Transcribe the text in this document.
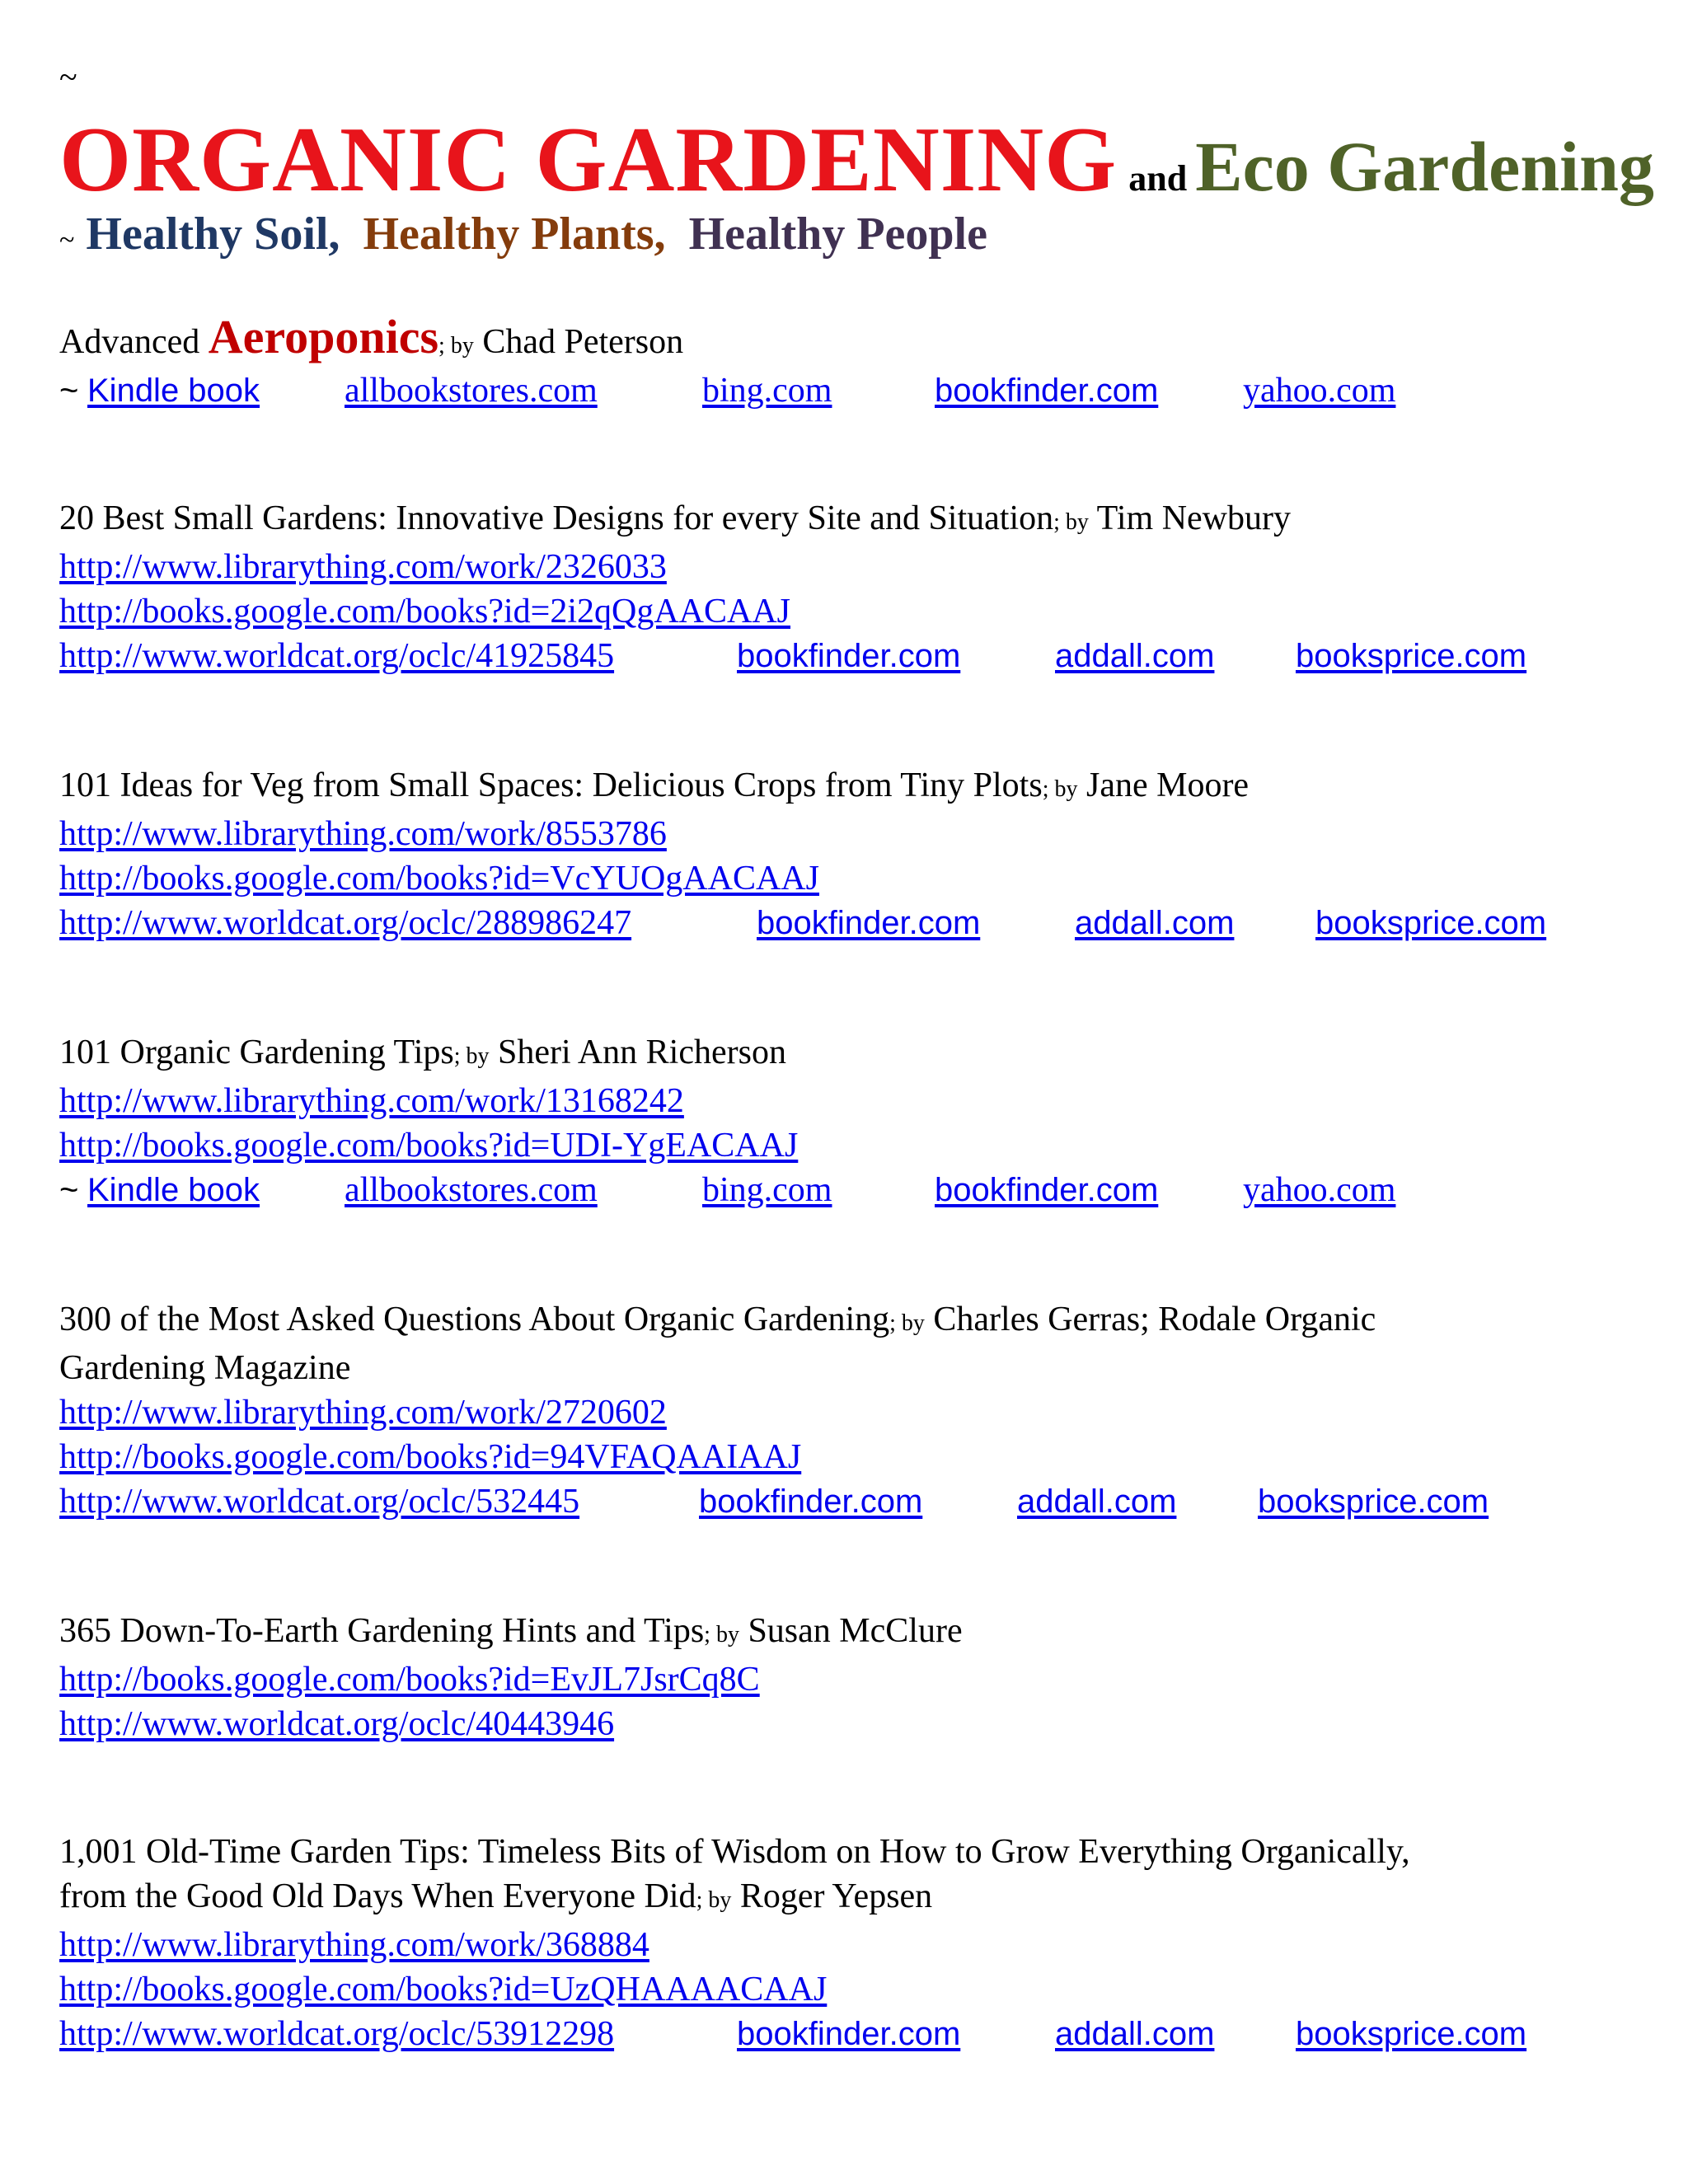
~
ORGANIC GARDENING and Eco Gardening
~ Healthy Soil, Healthy Plants, Healthy People
Advanced Aeroponics; by Chad Peterson
~ Kindle book allbookstores.com	bing.com	bookfinder.com yahoo.com
20 Best Small Gardens: Innovative Designs for every Site and Situation; by Tim Newbury
http://www.librarything.com/work/2326033
http://books.google.com/books?id=2i2qQgAACAAJ
http://www.worldcat.org/oclc/41925845	bookfinder.com	addall.com booksprice.com
101 Ideas for Veg from Small Spaces: Delicious Crops from Tiny Plots; by Jane Moore
http://www.librarything.com/work/8553786
http://books.google.com/books?id=VcYUOgAACAAJ
http://www.worldcat.org/oclc/288986247	bookfinder.com	addall.com booksprice.com
101 Organic Gardening Tips; by Sheri Ann Richerson
http://www.librarything.com/work/13168242
http://books.google.com/books?id=UDI-YgEACAAJ
~ Kindle book allbookstores.com	bing.com	bookfinder.com yahoo.com
300 of the Most Asked Questions About Organic Gardening; by Charles Gerras; Rodale Organic
Gardening Magazine
http://www.librarything.com/work/2720602
http://books.google.com/books?id=94VFAQAAIAAJ
http://www.worldcat.org/oclc/532445	bookfinder.com	addall.com booksprice.com
365 Down-To-Earth Gardening Hints and Tips; by Susan McClure
http://books.google.com/books?id=EvJL7JsrCq8C
http://www.worldcat.org/oclc/40443946
1,001 Old-Time Garden Tips: Timeless Bits of Wisdom on How to Grow Everything Organically,
from the Good Old Days When Everyone Did; by Roger Yepsen
http://www.librarything.com/work/368884
http://books.google.com/books?id=UzQHAAAACAAJ
http://www.worldcat.org/oclc/53912298	bookfinder.com	addall.com booksprice.com
